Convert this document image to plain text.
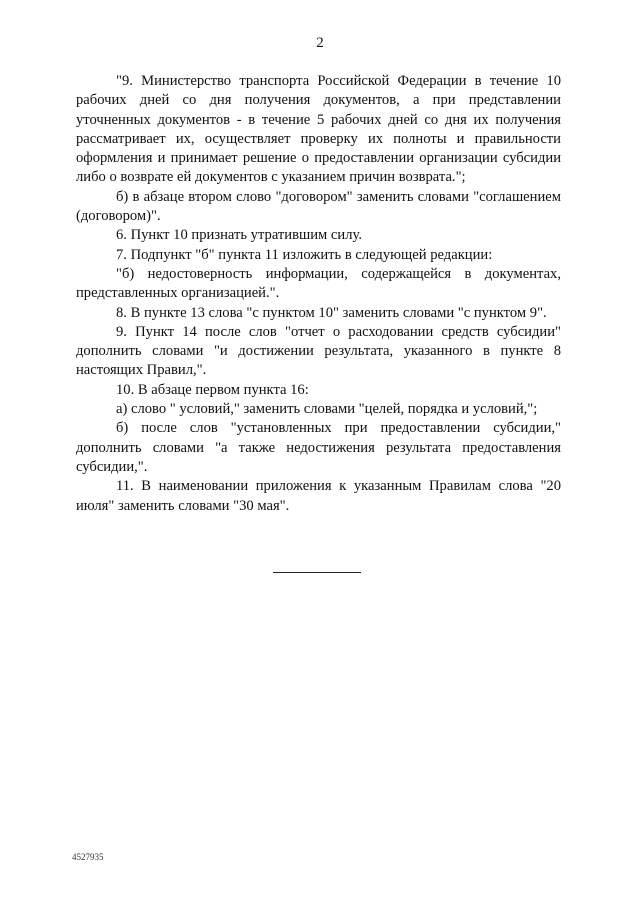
2

"9. Министерство транспорта Российской Федерации в течение 10 рабочих дней со дня получения документов, а при представлении уточненных документов - в течение 5 рабочих дней со дня их получения рассматривает их, осуществляет проверку их полноты и правильности оформления и принимает решение о предоставлении организации субсидии либо о возврате ей документов с указанием причин возврата.";

б) в абзаце втором слово "договором" заменить словами "соглашением (договором)".

6. Пункт 10 признать утратившим силу.

7. Подпункт "б" пункта 11 изложить в следующей редакции:

"б) недостоверность информации, содержащейся в документах, представленных организацией.".

8. В пункте 13 слова "с пунктом 10" заменить словами "с пунктом 9".

9. Пункт 14 после слов "отчет о расходовании средств субсидии" дополнить словами "и достижении результата, указанного в пункте 8 настоящих Правил,".

10. В абзаце первом пункта 16:

а) слово " условий," заменить словами "целей, порядка и условий,";

б) после слов "установленных при предоставлении субсидии," дополнить словами "а также недостижения результата предоставления субсидии,".

11. В наименовании приложения к указанным Правилам слова "20 июля" заменить словами "30 мая".

4527935
